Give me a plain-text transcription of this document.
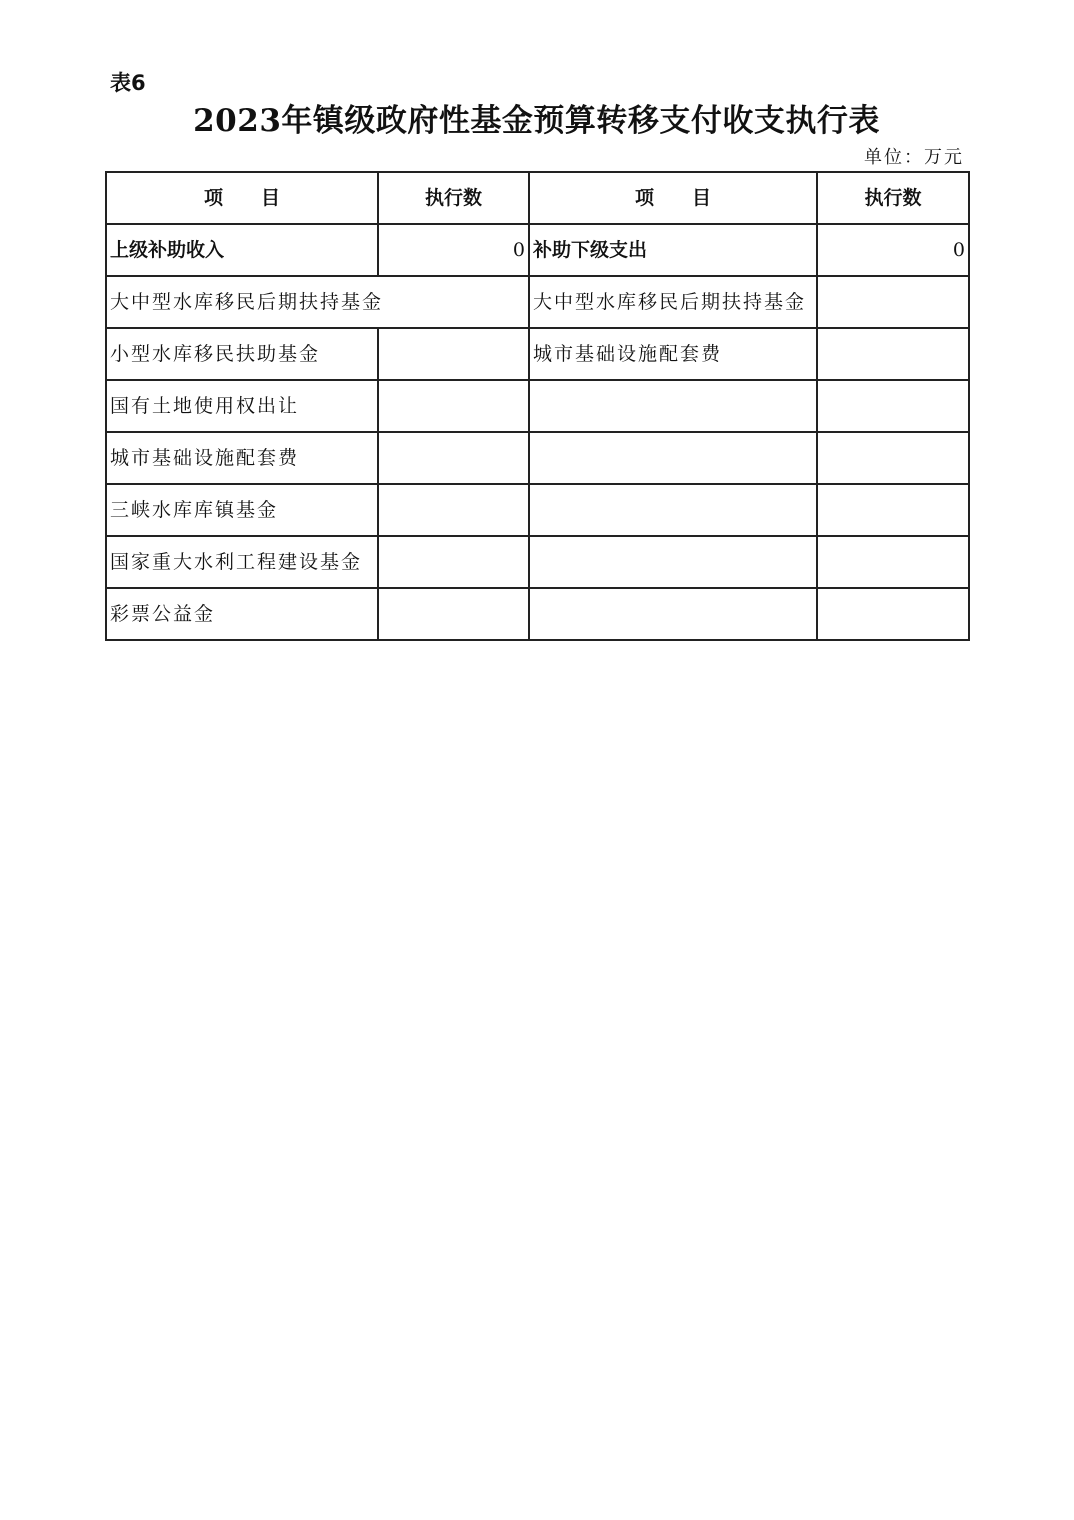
表6
2023年镇级政府性基金预算转移支付收支执行表
单位：万元
项　　目	执行数	项　　目	执行数
上级补助收入	0	补助下级支出	0
大中型水库移民后期扶持基金		大中型水库移民后期扶持基金	
小型水库移民扶助基金		城市基础设施配套费	
国有土地使用权出让			
城市基础设施配套费			
三峡水库库镇基金			
国家重大水利工程建设基金			
彩票公益金			
